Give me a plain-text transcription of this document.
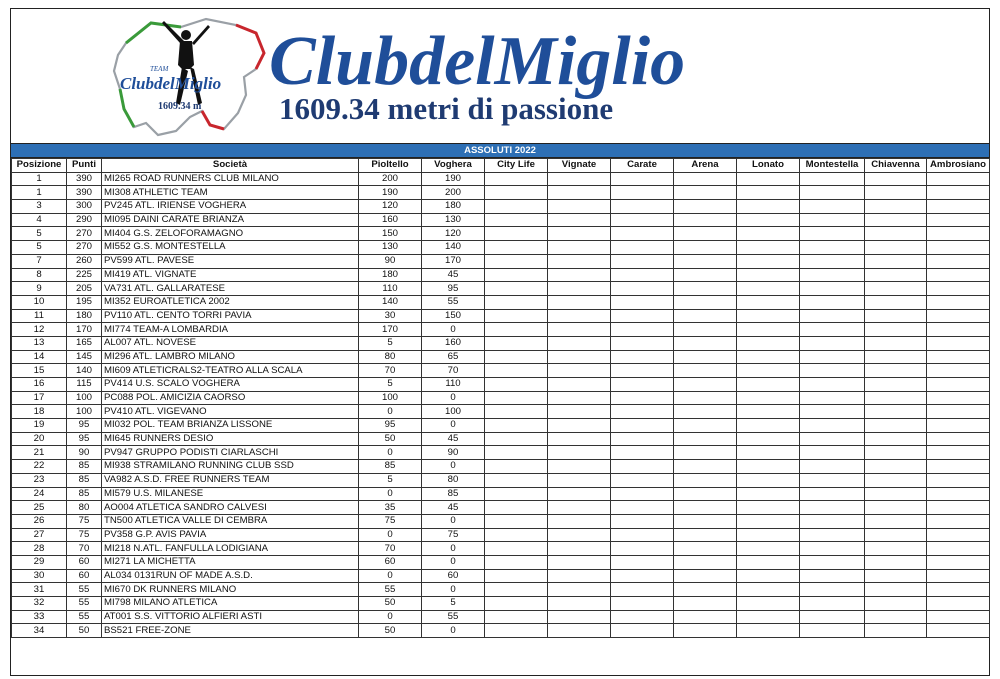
TEAM
ClubdelMiglio
1609.34 m
ClubdelMiglio
1609.34 metri di passione
ASSOLUTI 2022
Posizione	Punti	Società	Pioltello	Voghera	City Life	Vignate	Carate	Arena	Lonato	Montestella	Chiavenna	Ambrosiano
1	390	MI265 ROAD RUNNERS CLUB MILANO	200	190								
1	390	MI308 ATHLETIC TEAM	190	200								
3	300	PV245 ATL. IRIENSE VOGHERA	120	180								
4	290	MI095 DAINI CARATE BRIANZA	160	130								
5	270	MI404 G.S. ZELOFORAMAGNO	150	120								
5	270	MI552 G.S. MONTESTELLA	130	140								
7	260	PV599 ATL. PAVESE	90	170								
8	225	MI419 ATL. VIGNATE	180	45								
9	205	VA731 ATL. GALLARATESE	110	95								
10	195	MI352 EUROATLETICA 2002	140	55								
11	180	PV110 ATL. CENTO TORRI PAVIA	30	150								
12	170	MI774 TEAM-A LOMBARDIA	170	0								
13	165	AL007 ATL. NOVESE	5	160								
14	145	MI296 ATL. LAMBRO MILANO	80	65								
15	140	MI609 ATLETICRALS2-TEATRO ALLA SCALA	70	70								
16	115	PV414 U.S. SCALO VOGHERA	5	110								
17	100	PC088 POL. AMICIZIA CAORSO	100	0								
18	100	PV410 ATL. VIGEVANO	0	100								
19	95	MI032 POL. TEAM BRIANZA LISSONE	95	0								
20	95	MI645 RUNNERS DESIO	50	45								
21	90	PV947 GRUPPO PODISTI CIARLASCHI	0	90								
22	85	MI938 STRAMILANO RUNNING CLUB SSD	85	0								
23	85	VA982 A.S.D. FREE RUNNERS TEAM	5	80								
24	85	MI579 U.S. MILANESE	0	85								
25	80	AO004 ATLETICA SANDRO CALVESI	35	45								
26	75	TN500 ATLETICA VALLE DI CEMBRA	75	0								
27	75	PV358 G.P. AVIS PAVIA	0	75								
28	70	MI218 N.ATL. FANFULLA LODIGIANA	70	0								
29	60	MI271 LA MICHETTA	60	0								
30	60	AL034 0131RUN OF MADE A.S.D.	0	60								
31	55	MI670 DK RUNNERS MILANO	55	0								
32	55	MI798 MILANO ATLETICA	50	5								
33	55	AT001 S.S. VITTORIO ALFIERI ASTI	0	55								
34	50	BS521 FREE-ZONE	50	0								
